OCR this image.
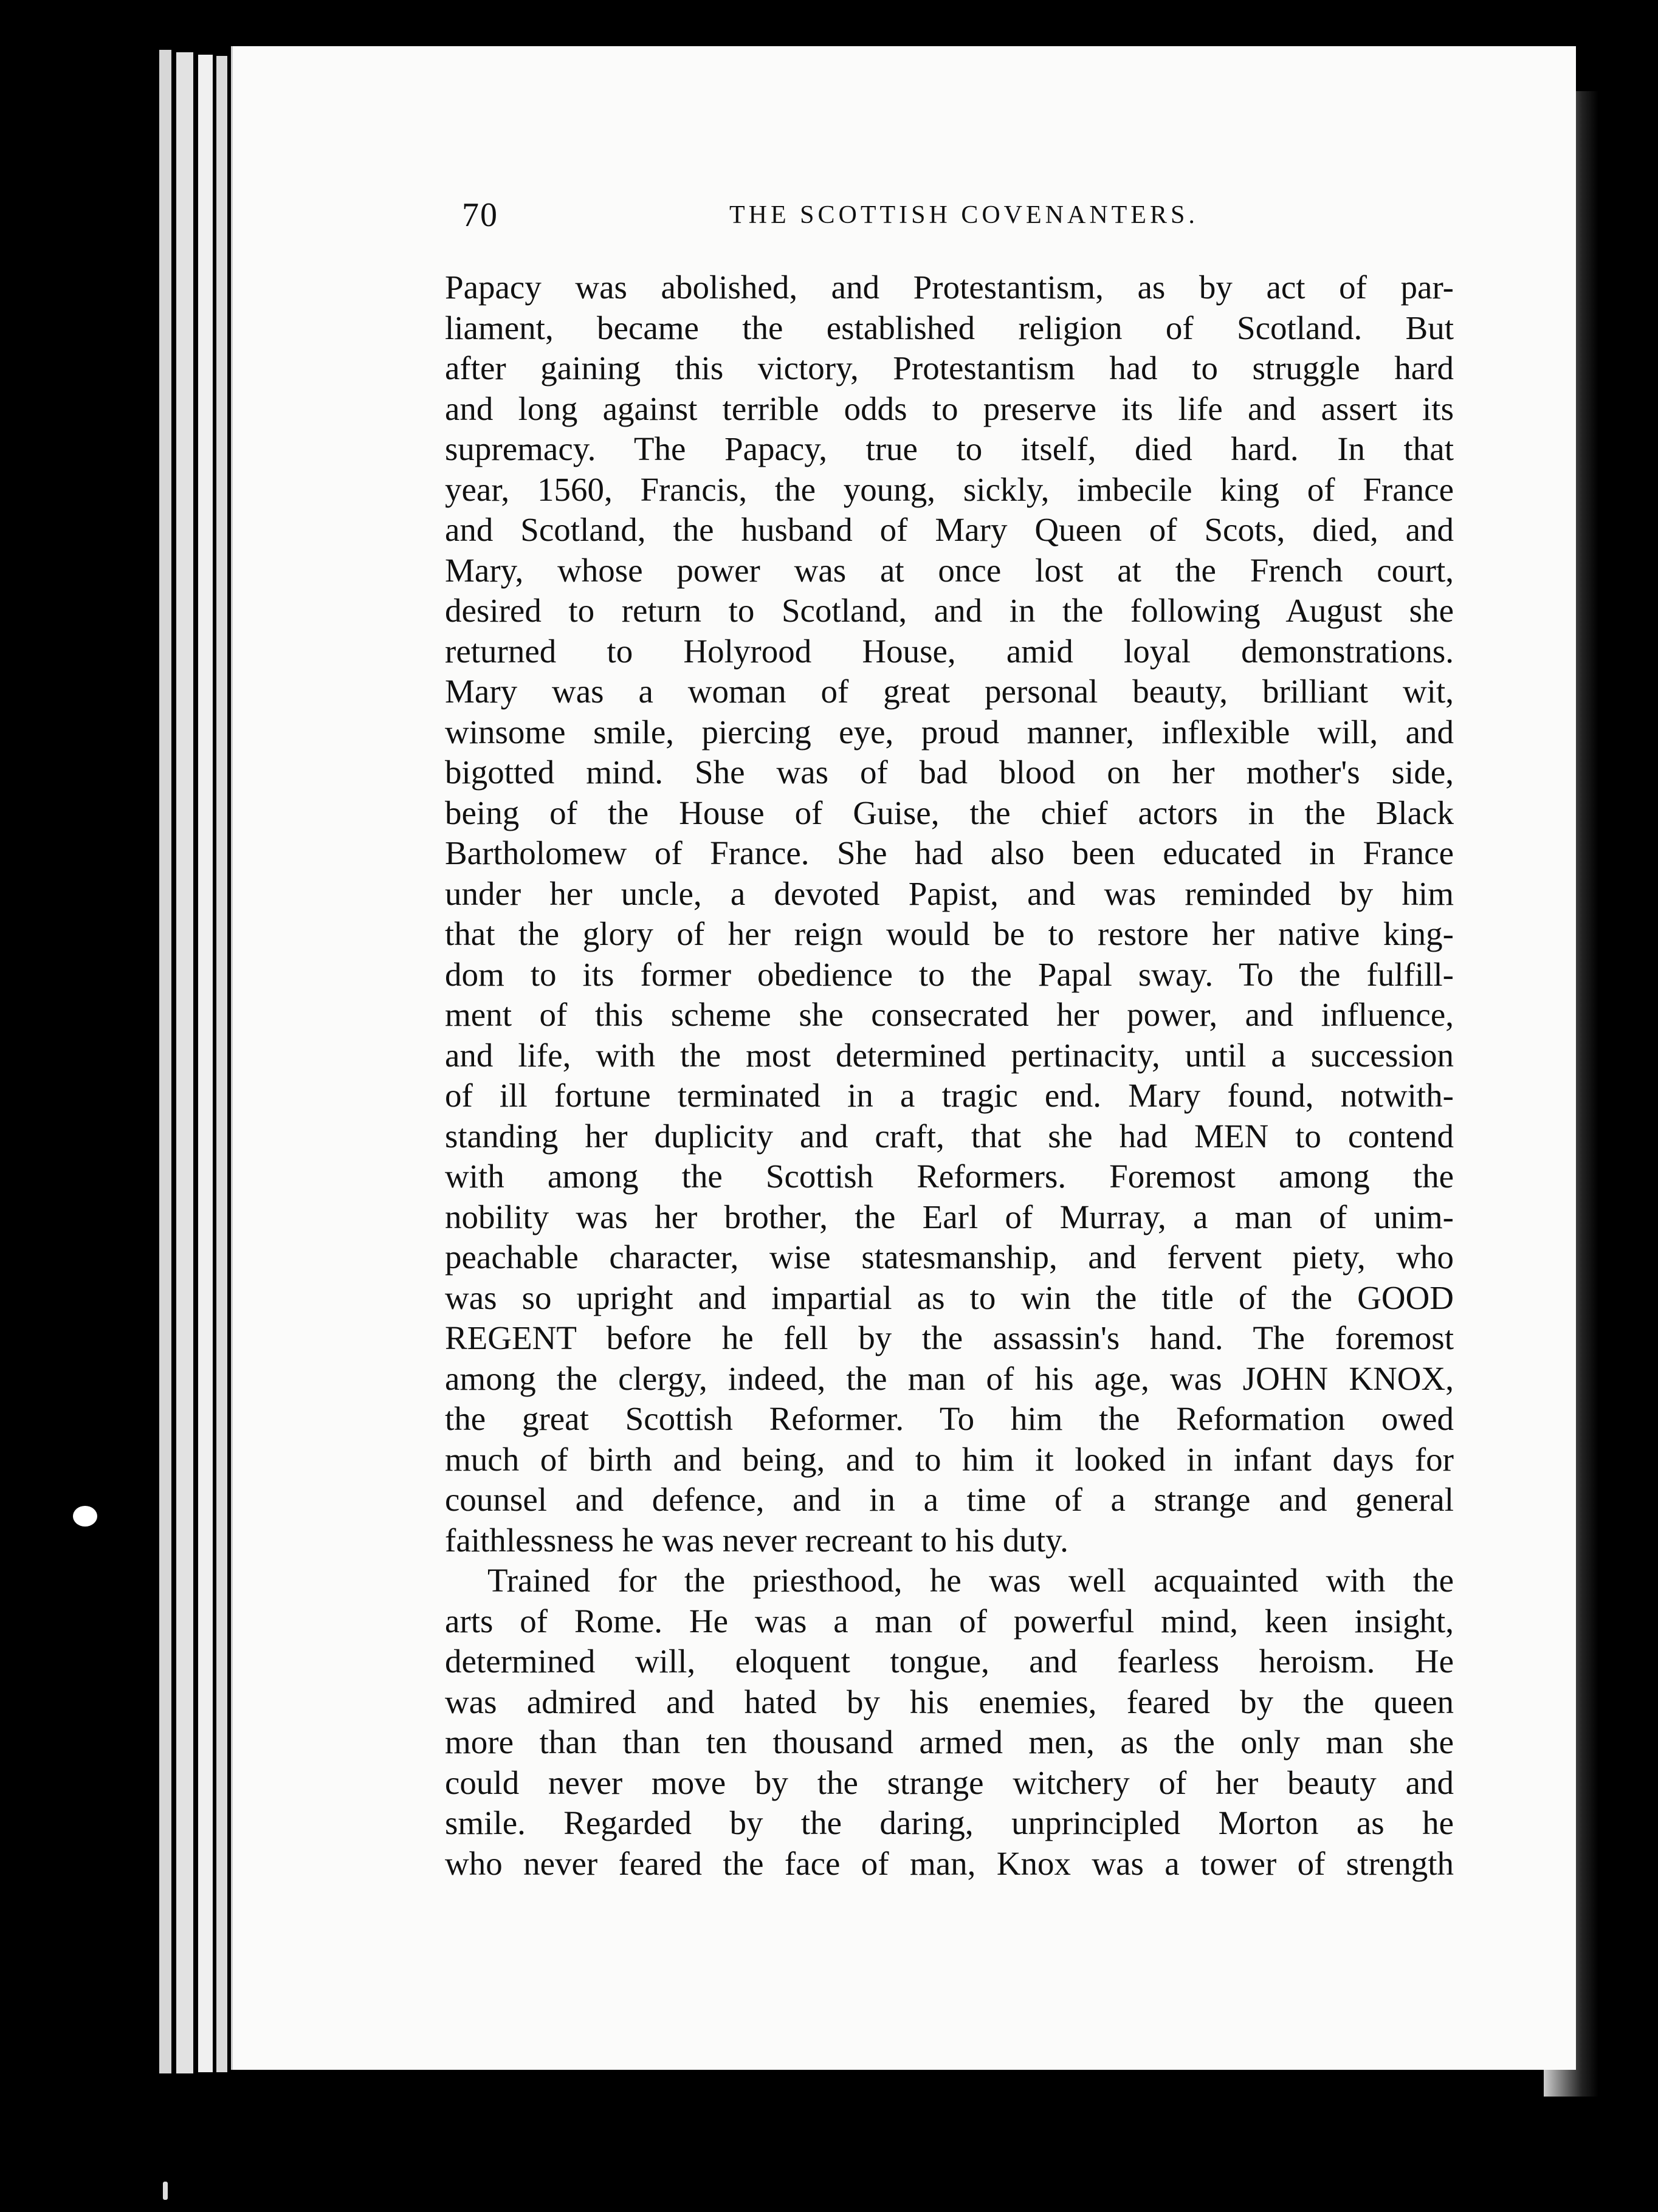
70	THE SCOTTISH COVENANTERS.
Papacy was abolished, and Protestantism, as by act of par-
liament, became the established religion of Scotland. But
after gaining this victory, Protestantism had to struggle hard
and long against terrible odds to preserve its life and assert its
supremacy. The Papacy, true to itself, died hard. In that
year, 1560, Francis, the young, sickly, imbecile king of France
and Scotland, the husband of Mary Queen of Scots, died, and
Mary, whose power was at once lost at the French court,
desired to return to Scotland, and in the following August she
returned to Holyrood House, amid loyal demonstrations.
Mary was a woman of great personal beauty, brilliant wit,
winsome smile, piercing eye, proud manner, inflexible will, and
bigotted mind. She was of bad blood on her mother's side,
being of the House of Guise, the chief actors in the Black
Bartholomew of France. She had also been educated in France
under her uncle, a devoted Papist, and was reminded by him
that the glory of her reign would be to restore her native king-
dom to its former obedience to the Papal sway. To the fulfill-
ment of this scheme she consecrated her power, and influence,
and life, with the most determined pertinacity, until a succession
of ill fortune terminated in a tragic end. Mary found, notwith-
standing her duplicity and craft, that she had MEN to contend
with among the Scottish Reformers. Foremost among the
nobility was her brother, the Earl of Murray, a man of unim-
peachable character, wise statesmanship, and fervent piety, who
was so upright and impartial as to win the title of the GOOD
REGENT before he fell by the assassin's hand. The foremost
among the clergy, indeed, the man of his age, was JOHN KNOX,
the great Scottish Reformer. To him the Reformation owed
much of birth and being, and to him it looked in infant days for
counsel and defence, and in a time of a strange and general
faithlessness he was never recreant to his duty.
Trained for the priesthood, he was well acquainted with the
arts of Rome. He was a man of powerful mind, keen insight,
determined will, eloquent tongue, and fearless heroism. He
was admired and hated by his enemies, feared by the queen
more than than ten thousand armed men, as the only man she
could never move by the strange witchery of her beauty and
smile. Regarded by the daring, unprincipled Morton as he
who never feared the face of man, Knox was a tower of strength
